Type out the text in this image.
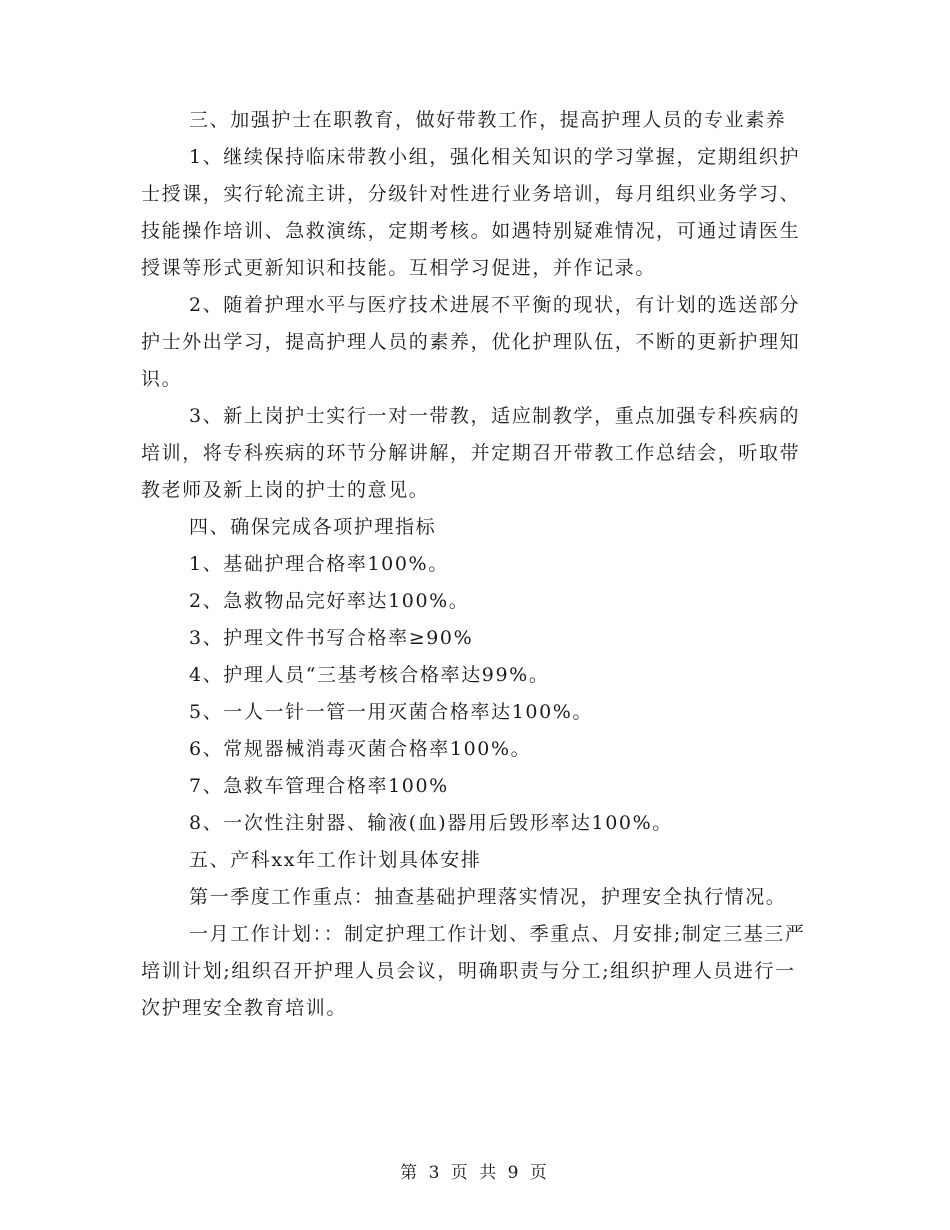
三、加强护士在职教育，做好带教工作，提高护理人员的专业素养

1、继续保持临床带教小组，强化相关知识的学习掌握，定期组织护士授课，实行轮流主讲，分级针对性进行业务培训，每月组织业务学习、技能操作培训、急救演练，定期考核。如遇特别疑难情况，可通过请医生授课等形式更新知识和技能。互相学习促进，并作记录。

2、随着护理水平与医疗技术进展不平衡的现状，有计划的选送部分护士外出学习，提高护理人员的素养，优化护理队伍，不断的更新护理知识。

3、新上岗护士实行一对一带教，适应制教学，重点加强专科疾病的培训，将专科疾病的环节分解讲解，并定期召开带教工作总结会，听取带教老师及新上岗的护士的意见。

四、确保完成各项护理指标

1、基础护理合格率100%。

2、急救物品完好率达100%。

3、护理文件书写合格率≥90%

4、护理人员“三基考核合格率达99%。

5、一人一针一管一用灭菌合格率达100%。

6、常规器械消毒灭菌合格率100%。

7、急救车管理合格率100%

8、一次性注射器、输液(血)器用后毁形率达100%。

五、产科xx年工作计划具体安排

第一季度工作重点：抽查基础护理落实情况，护理安全执行情况。

一月工作计划：：制定护理工作计划、季重点、月安排;制定三基三严培训计划;组织召开护理人员会议，明确职责与分工;组织护理人员进行一次护理安全教育培训。

第 3 页 共 9 页
